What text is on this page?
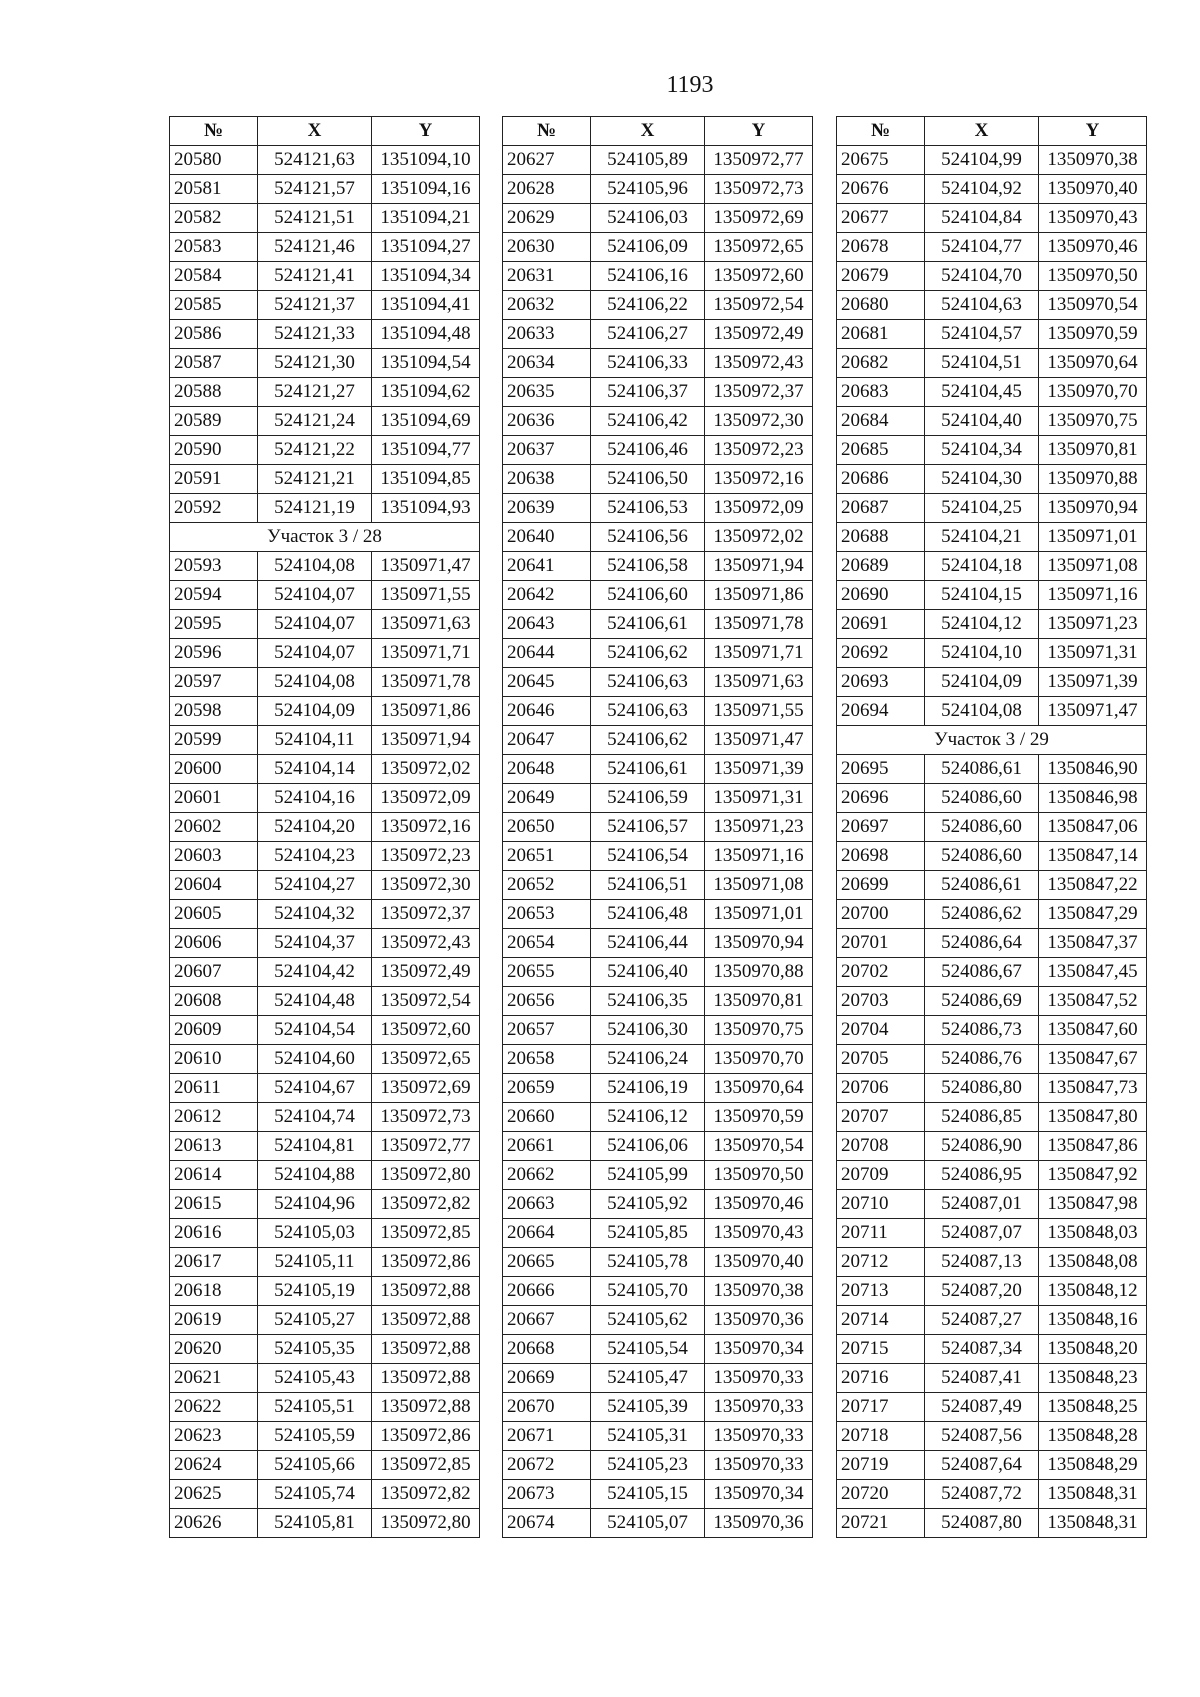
1193
№	X	Y
20580	524121,63	1351094,10
20581	524121,57	1351094,16
20582	524121,51	1351094,21
20583	524121,46	1351094,27
20584	524121,41	1351094,34
20585	524121,37	1351094,41
20586	524121,33	1351094,48
20587	524121,30	1351094,54
20588	524121,27	1351094,62
20589	524121,24	1351094,69
20590	524121,22	1351094,77
20591	524121,21	1351094,85
20592	524121,19	1351094,93
Участок 3 / 28		
20593	524104,08	1350971,47
20594	524104,07	1350971,55
20595	524104,07	1350971,63
20596	524104,07	1350971,71
20597	524104,08	1350971,78
20598	524104,09	1350971,86
20599	524104,11	1350971,94
20600	524104,14	1350972,02
20601	524104,16	1350972,09
20602	524104,20	1350972,16
20603	524104,23	1350972,23
20604	524104,27	1350972,30
20605	524104,32	1350972,37
20606	524104,37	1350972,43
20607	524104,42	1350972,49
20608	524104,48	1350972,54
20609	524104,54	1350972,60
20610	524104,60	1350972,65
20611	524104,67	1350972,69
20612	524104,74	1350972,73
20613	524104,81	1350972,77
20614	524104,88	1350972,80
20615	524104,96	1350972,82
20616	524105,03	1350972,85
20617	524105,11	1350972,86
20618	524105,19	1350972,88
20619	524105,27	1350972,88
20620	524105,35	1350972,88
20621	524105,43	1350972,88
20622	524105,51	1350972,88
20623	524105,59	1350972,86
20624	524105,66	1350972,85
20625	524105,74	1350972,82
20626	524105,81	1350972,80
№	X	Y
20627	524105,89	1350972,77
20628	524105,96	1350972,73
20629	524106,03	1350972,69
20630	524106,09	1350972,65
20631	524106,16	1350972,60
20632	524106,22	1350972,54
20633	524106,27	1350972,49
20634	524106,33	1350972,43
20635	524106,37	1350972,37
20636	524106,42	1350972,30
20637	524106,46	1350972,23
20638	524106,50	1350972,16
20639	524106,53	1350972,09
20640	524106,56	1350972,02
20641	524106,58	1350971,94
20642	524106,60	1350971,86
20643	524106,61	1350971,78
20644	524106,62	1350971,71
20645	524106,63	1350971,63
20646	524106,63	1350971,55
20647	524106,62	1350971,47
20648	524106,61	1350971,39
20649	524106,59	1350971,31
20650	524106,57	1350971,23
20651	524106,54	1350971,16
20652	524106,51	1350971,08
20653	524106,48	1350971,01
20654	524106,44	1350970,94
20655	524106,40	1350970,88
20656	524106,35	1350970,81
20657	524106,30	1350970,75
20658	524106,24	1350970,70
20659	524106,19	1350970,64
20660	524106,12	1350970,59
20661	524106,06	1350970,54
20662	524105,99	1350970,50
20663	524105,92	1350970,46
20664	524105,85	1350970,43
20665	524105,78	1350970,40
20666	524105,70	1350970,38
20667	524105,62	1350970,36
20668	524105,54	1350970,34
20669	524105,47	1350970,33
20670	524105,39	1350970,33
20671	524105,31	1350970,33
20672	524105,23	1350970,33
20673	524105,15	1350970,34
20674	524105,07	1350970,36
№	X	Y
20675	524104,99	1350970,38
20676	524104,92	1350970,40
20677	524104,84	1350970,43
20678	524104,77	1350970,46
20679	524104,70	1350970,50
20680	524104,63	1350970,54
20681	524104,57	1350970,59
20682	524104,51	1350970,64
20683	524104,45	1350970,70
20684	524104,40	1350970,75
20685	524104,34	1350970,81
20686	524104,30	1350970,88
20687	524104,25	1350970,94
20688	524104,21	1350971,01
20689	524104,18	1350971,08
20690	524104,15	1350971,16
20691	524104,12	1350971,23
20692	524104,10	1350971,31
20693	524104,09	1350971,39
20694	524104,08	1350971,47
Участок 3 / 29		
20695	524086,61	1350846,90
20696	524086,60	1350846,98
20697	524086,60	1350847,06
20698	524086,60	1350847,14
20699	524086,61	1350847,22
20700	524086,62	1350847,29
20701	524086,64	1350847,37
20702	524086,67	1350847,45
20703	524086,69	1350847,52
20704	524086,73	1350847,60
20705	524086,76	1350847,67
20706	524086,80	1350847,73
20707	524086,85	1350847,80
20708	524086,90	1350847,86
20709	524086,95	1350847,92
20710	524087,01	1350847,98
20711	524087,07	1350848,03
20712	524087,13	1350848,08
20713	524087,20	1350848,12
20714	524087,27	1350848,16
20715	524087,34	1350848,20
20716	524087,41	1350848,23
20717	524087,49	1350848,25
20718	524087,56	1350848,28
20719	524087,64	1350848,29
20720	524087,72	1350848,31
20721	524087,80	1350848,31
